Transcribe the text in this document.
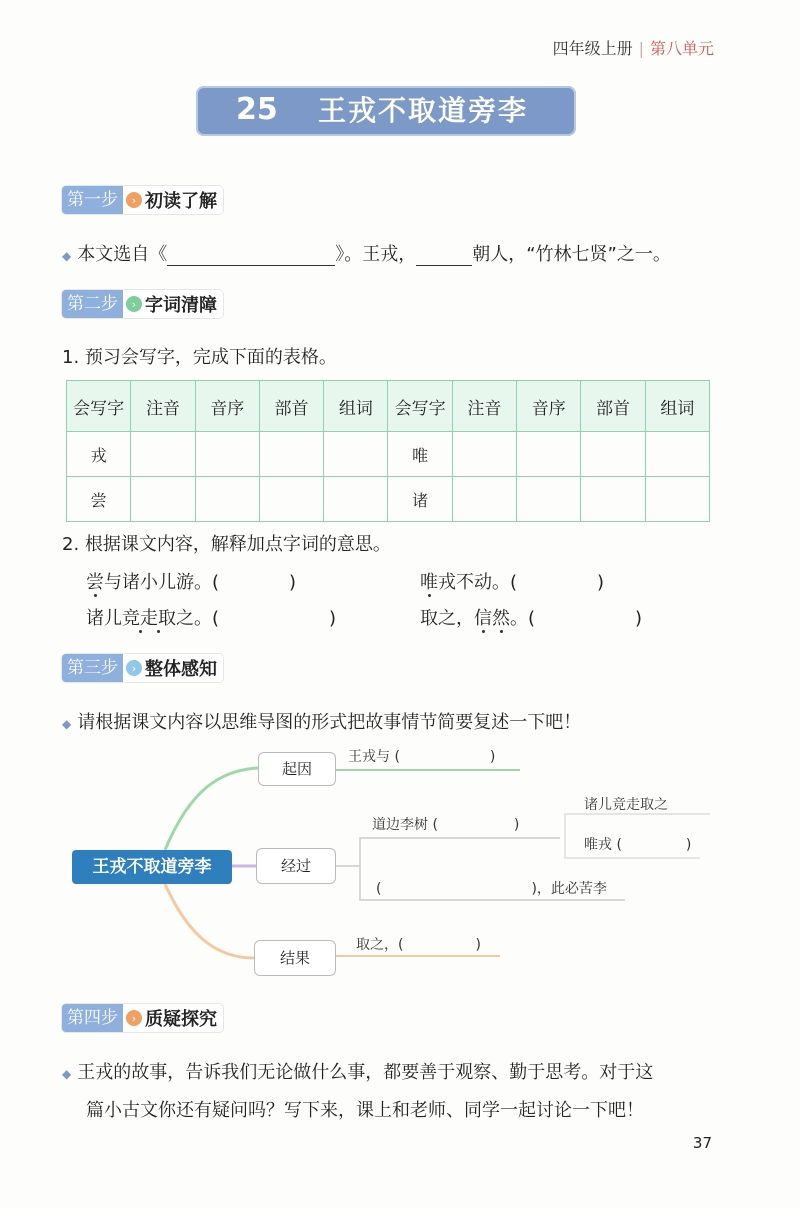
四年级上册 | 第八单元
25 王戎不取道旁李
第一步	› 初读了解
◆ 本文选自《	》。王戎，	朝人，“竹林七贤”之一。
第二步	› 字词清障
1. 预习会写字，完成下面的表格。
会写字	注音	音序	部首	组词	会写字	注音	音序	部首	组词
戎					唯				
尝					诸				
2. 根据课文内容，解释加点字词的意思。
尝与诸小儿游。(	)	唯戎不动。(	)
诸儿竞走取之。(	)	取之，信然。(	)
第三步	› 整体感知
◆ 请根据课文内容以思维导图的形式把故事情节简要复述一下吧！
王戎不取道旁李
起因
经过
结果
王戎与 (	)
道边李树 (	)
诸儿竞走取之
唯戎 (	)
(	)，此必苦李
取之，(	)
第四步	› 质疑探究
◆ 王戎的故事，告诉我们无论做什么事，都要善于观察、勤于思考。对于这
篇小古文你还有疑问吗？写下来，课上和老师、同学一起讨论一下吧！
37
